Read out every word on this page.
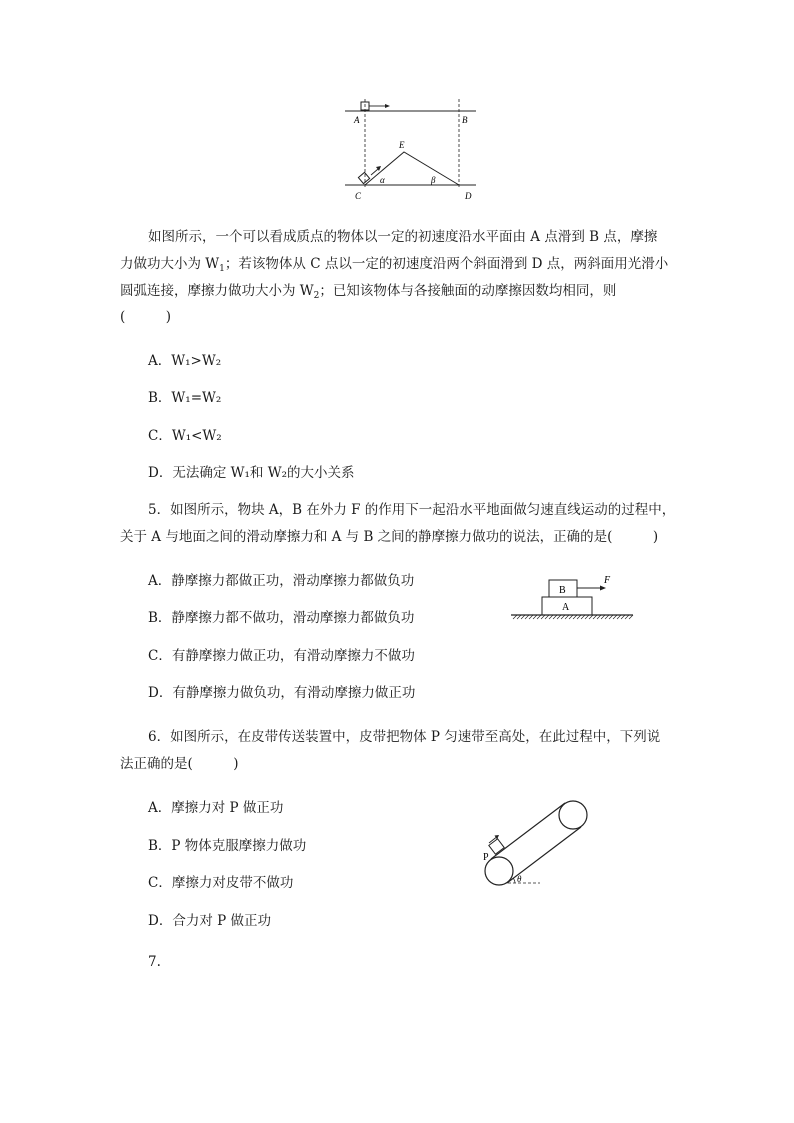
A	B
E
α	β
C	D
如图所示，一个可以看成质点的物体以一定的初速度沿水平面由 A 点滑到 B 点，摩擦
力做功大小为 $W_1$；若该物体从 C 点以一定的初速度沿两个斜面滑到 D 点，两斜面用光滑小
圆弧连接，摩擦力做功大小为 $W_2$；已知该物体与各接触面的动摩擦因数均相同，则
(　　　)
A．W₁>W₂
B．W₁=W₂
C．W₁<W₂
D．无法确定 W₁和 W₂的大小关系
5．如图所示，物块 A，B 在外力 F 的作用下一起沿水平地面做匀速直线运动的过程中，
关于 A 与地面之间的滑动摩擦力和 A 与 B 之间的静摩擦力做功的说法，正确的是(　　　)
A．静摩擦力都做正功，滑动摩擦力都做负功
B．静摩擦力都不做功，滑动摩擦力都做负功
C．有静摩擦力做正功，有滑动摩擦力不做功
D．有静摩擦力做负功，有滑动摩擦力做正功
F
B
A
6．如图所示，在皮带传送装置中，皮带把物体 P 匀速带至高处，在此过程中，下列说
法正确的是(　　　)
A．摩擦力对 P 做正功
B．P 物体克服摩擦力做功
C．摩擦力对皮带不做功
D．合力对 P 做正功
P
θ
7.
